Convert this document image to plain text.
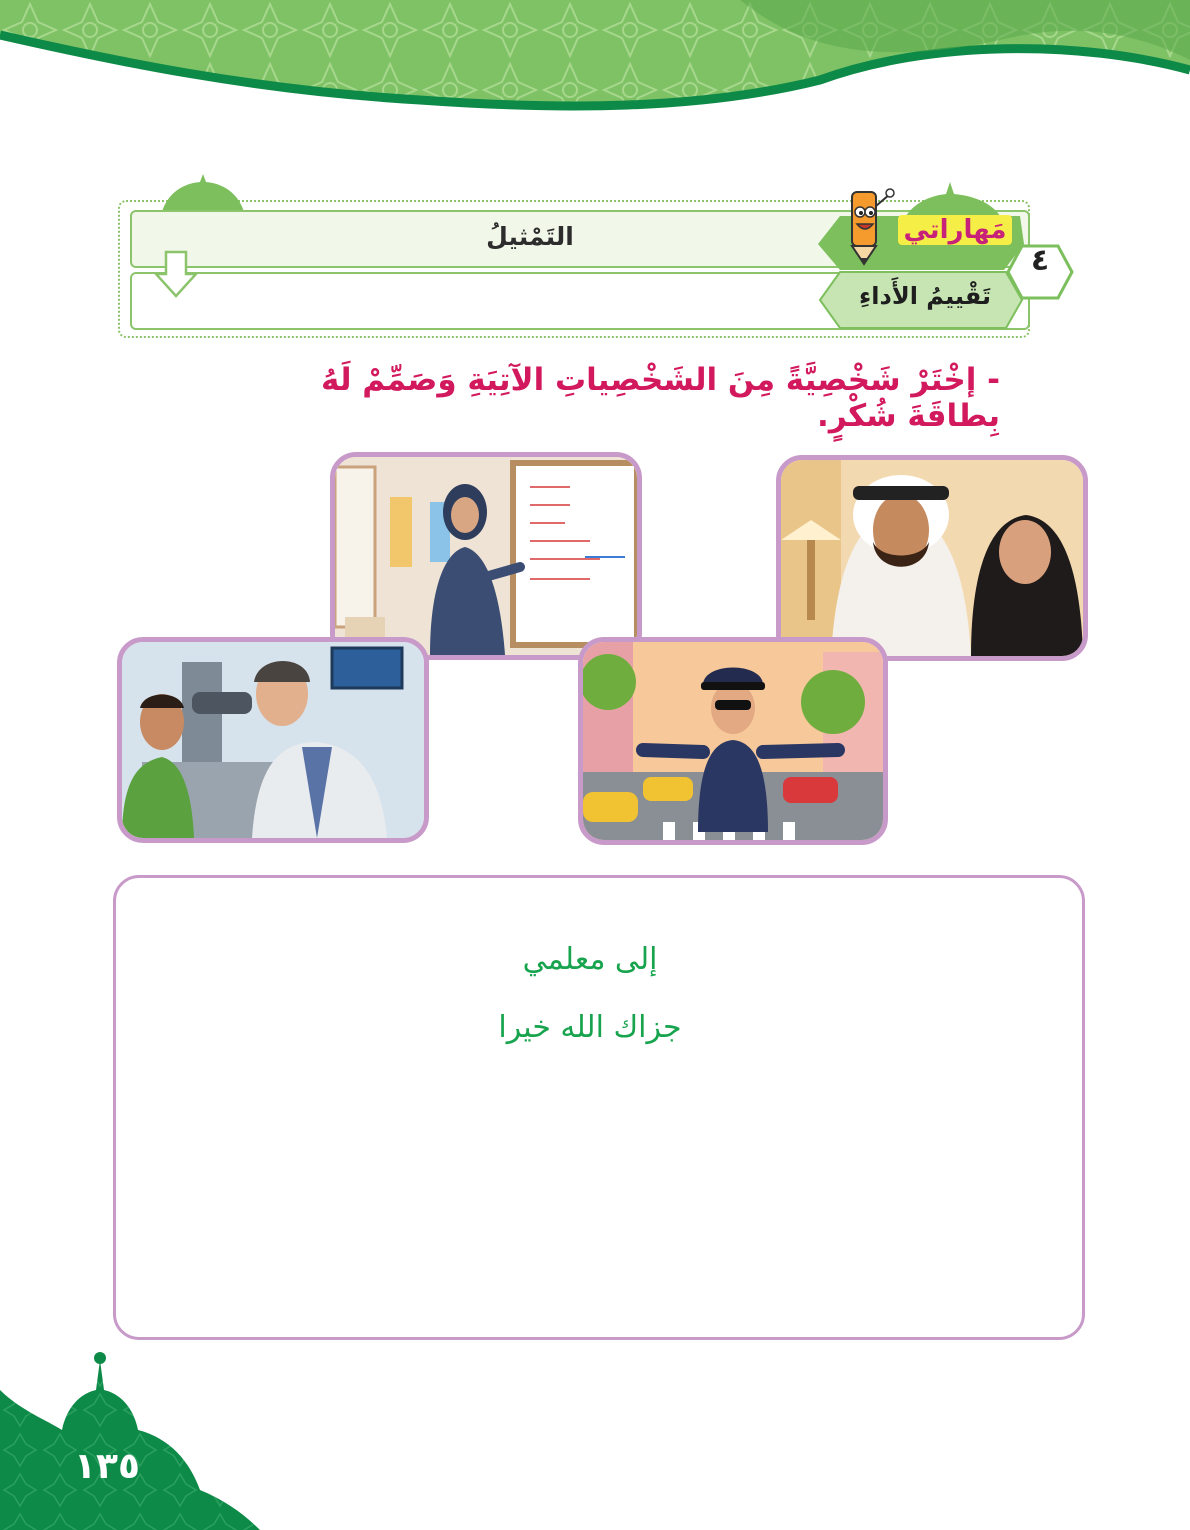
٤
مَهاراتي
التَمْثيلُ
تَقْييمُ الأَداءِ
- إخْتَرْ شَخْصِيَّةً مِنَ الشَخْصِياتِ الآتِيَةِ وَصَمِّمْ لَهُ بِطاقَةَ شُكْرٍ.
إلى معلمي
جزاك الله خيرا
١٣٥
